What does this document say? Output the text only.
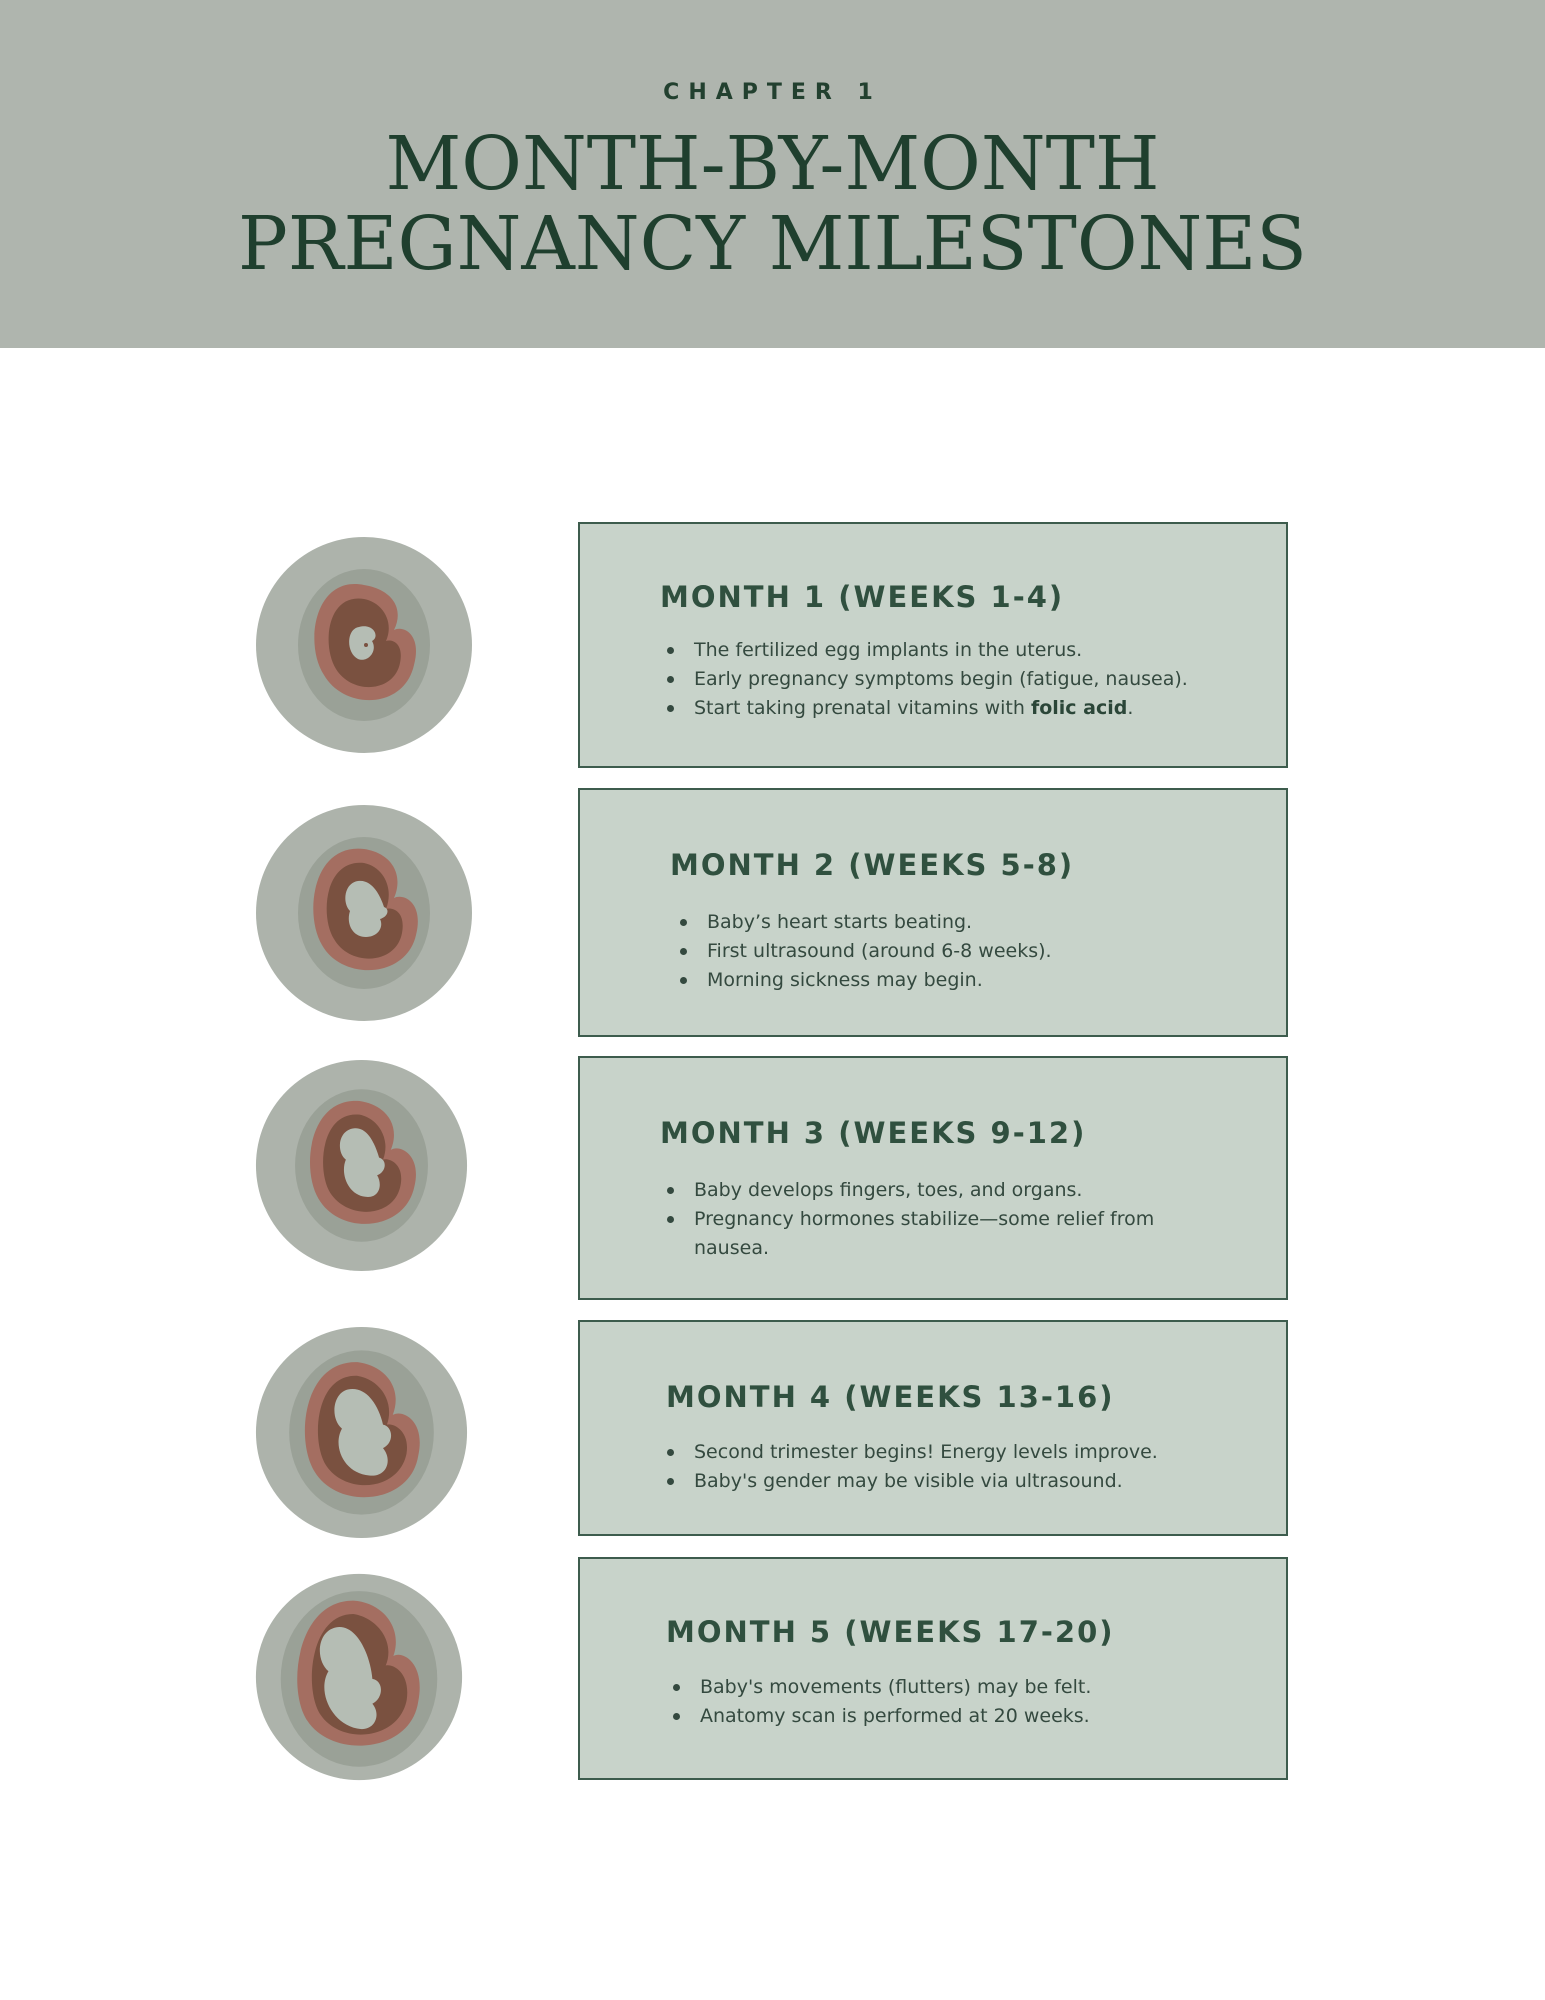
CHAPTER 1
MONTH-BY-MONTH
PREGNANCY MILESTONES
MONTH 1 (WEEKS 1-4)
The fertilized egg implants in the uterus.
Early pregnancy symptoms begin (fatigue, nausea).
Start taking prenatal vitamins with folic acid.
MONTH 2 (WEEKS 5-8)
Baby’s heart starts beating.
First ultrasound (around 6-8 weeks).
Morning sickness may begin.
MONTH 3 (WEEKS 9-12)
Baby develops fingers, toes, and organs.
Pregnancy hormones stabilize—some relief from nausea.
MONTH 4 (WEEKS 13-16)
Second trimester begins! Energy levels improve.
Baby's gender may be visible via ultrasound.
MONTH 5 (WEEKS 17-20)
Baby's movements (flutters) may be felt.
Anatomy scan is performed at 20 weeks.
